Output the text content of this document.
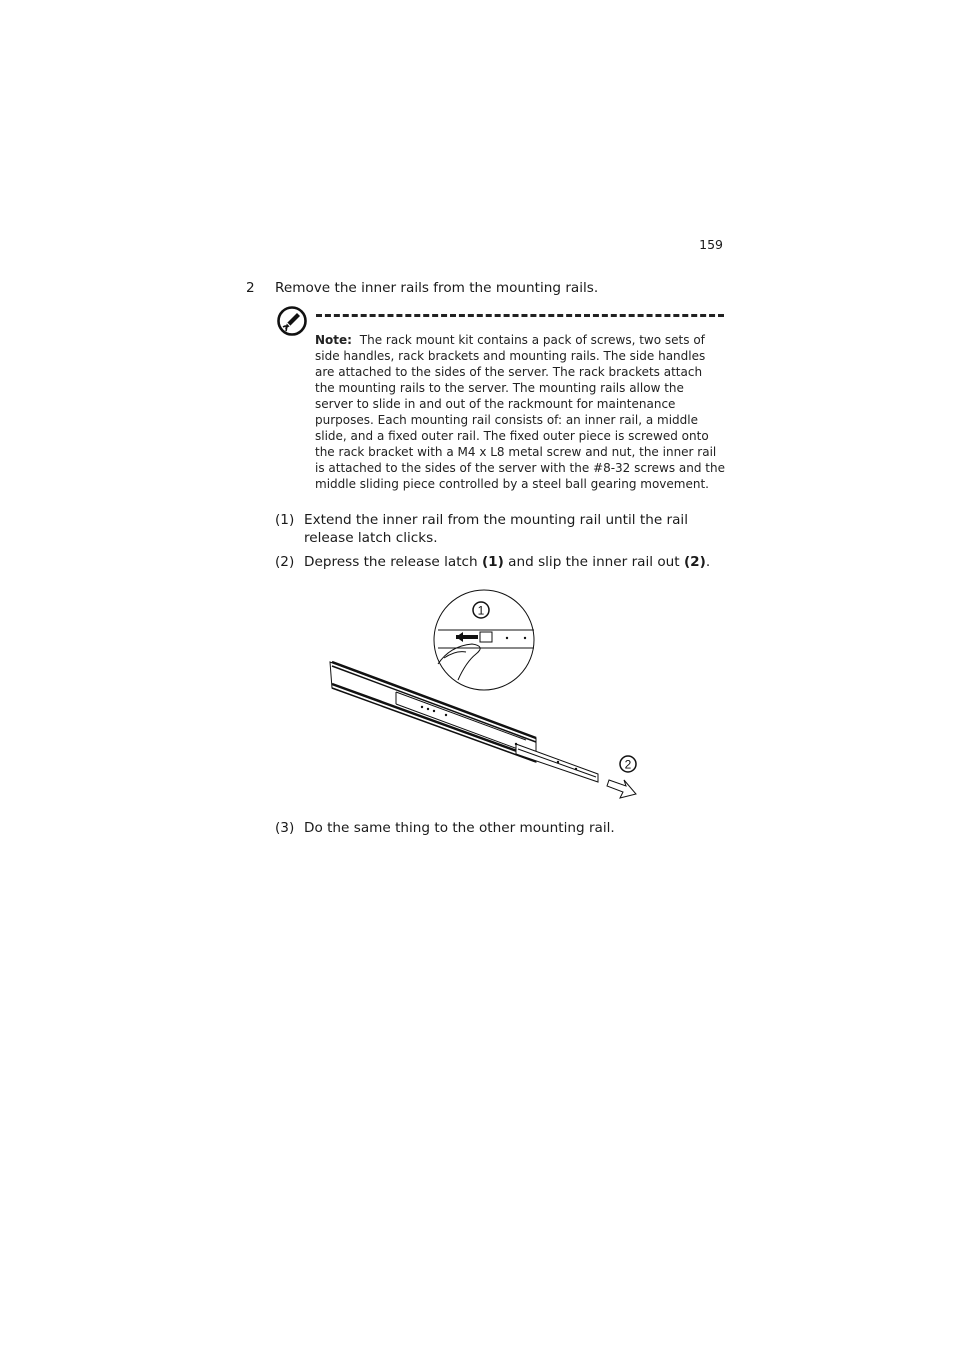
159
2 Remove the inner rails from the mounting rails.
Note: The rack mount kit contains a pack of screws, two sets of side handles, rack brackets and mounting rails. The side handles are attached to the sides of the server. The rack brackets attach the mounting rails to the server. The mounting rails allow the server to slide in and out of the rackmount for maintenance purposes. Each mounting rail consists of: an inner rail, a middle slide, and a fixed outer rail. The fixed outer piece is screwed onto the rack bracket with a M4 x L8 metal screw and nut, the inner rail is attached to the sides of the server with the #8-32 screws and the middle sliding piece controlled by a steel ball gearing movement.
(1) Extend the inner rail from the mounting rail until the rail release latch clicks.
(2) Depress the release latch (1) and slip the inner rail out (2).
1
2
(3) Do the same thing to the other mounting rail.
